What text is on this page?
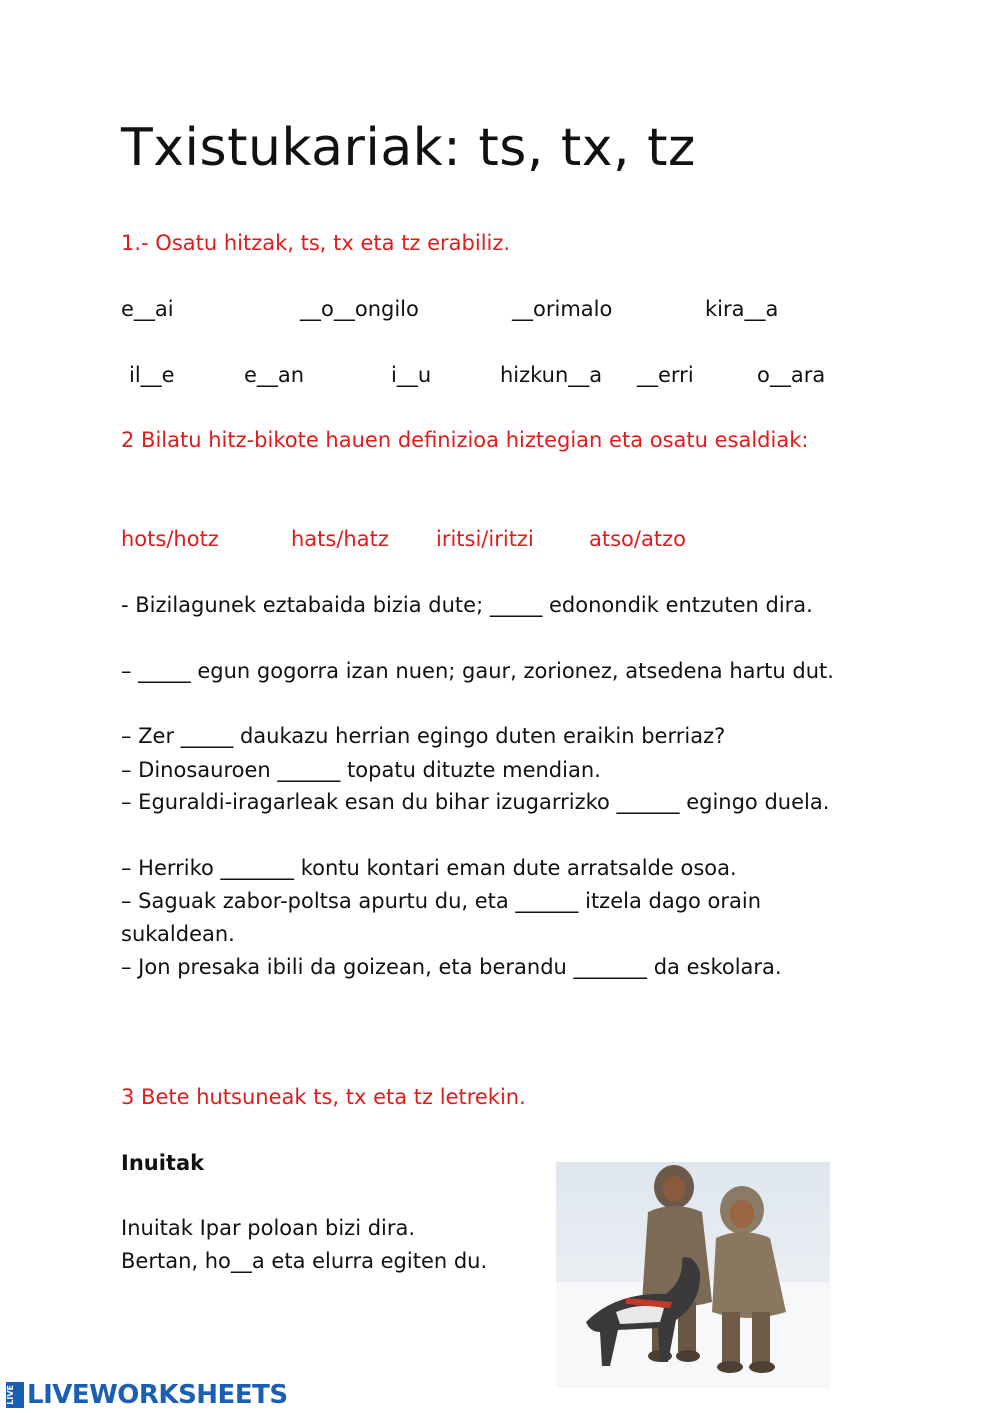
Txistukariak: ts, tx, tz
1.- Osatu hitzak, ts, tx eta tz erabiliz.
e__ai	__o__ongilo	__orimalo	kira__a
il__e	e__an	i__u	hizkun__a __erri	o__ara
2 Bilatu hitz-bikote hauen definizioa hiztegian eta osatu esaldiak:
hots/hotz	hats/hatz iritsi/iritzi	atso/atzo
- Bizilagunek eztabaida bizia dute; _____ edonondik entzuten dira.
– _____ egun gogorra izan nuen; gaur, zorionez, atsedena hartu dut.
– Zer _____ daukazu herrian egingo duten eraikin berriaz?
– Dinosauroen ______ topatu dituzte mendian.
– Eguraldi-iragarleak esan du bihar izugarrizko ______ egingo duela.
– Herriko _______ kontu kontari eman dute arratsalde osoa.
– Saguak zabor-poltsa apurtu du, eta ______ itzela dago orain sukaldean.
– Jon presaka ibili da goizean, eta berandu _______ da eskolara.
3 Bete hutsuneak ts, tx eta tz letrekin.
Inuitak
Inuitak Ipar poloan bizi dira.
Bertan, ho__a eta elurra egiten du.
LIVE LIVEWORKSHEETS
